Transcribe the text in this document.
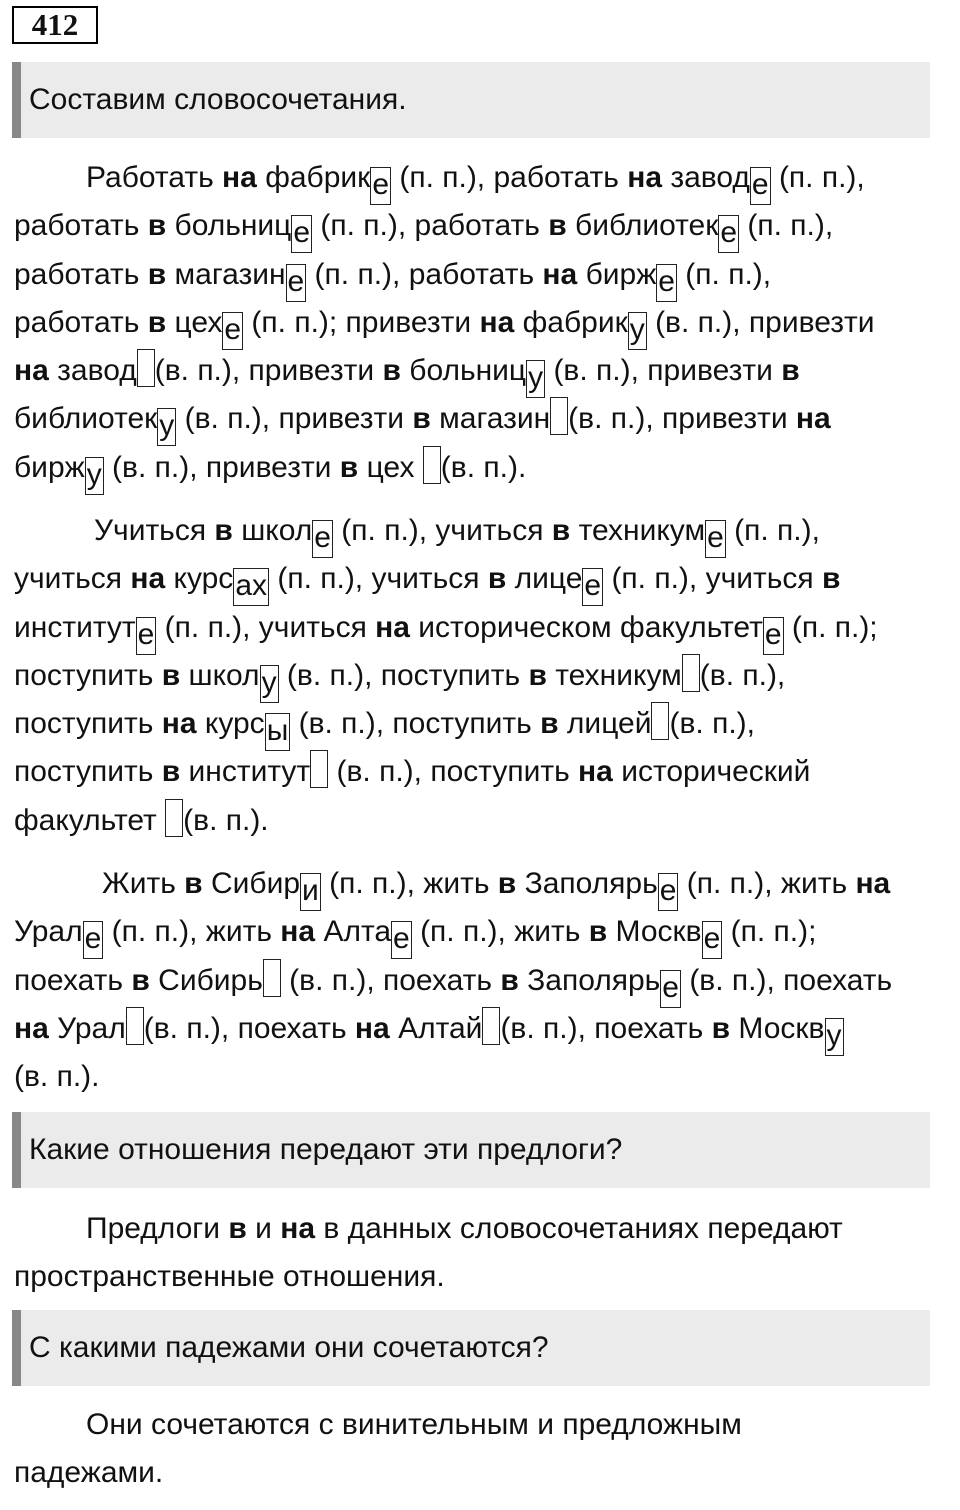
412
Составим словосочетания.
Работать на фабрике (п. п.), работать на заводе (п. п.),
работать в больнице (п. п.), работать в библиотеке (п. п.),
работать в магазине (п. п.), работать на бирже (п. п.),
работать в цехе (п. п.); привезти на фабрику (в. п.), привезти
на завод (в. п.), привезти в больницу (в. п.), привезти в
библиотеку (в. п.), привезти в магазин (в. п.), привезти на
биржу (в. п.), привезти в цех (в. п.).
Учиться в школе (п. п.), учиться в техникуме (п. п.),
учиться на курсах (п. п.), учиться в лицее (п. п.), учиться в
институте (п. п.), учиться на историческом факультете (п. п.);
поступить в школу (в. п.), поступить в техникум (в. п.),
поступить на курсы (в. п.), поступить в лицей (в. п.),
поступить в институт (в. п.), поступить на исторический
факультет (в. п.).
Жить в Сибири (п. п.), жить в Заполярье (п. п.), жить на
Урале (п. п.), жить на Алтае (п. п.), жить в Москве (п. п.);
поехать в Сибирь (в. п.), поехать в Заполярье (в. п.), поехать
на Урал (в. п.), поехать на Алтай (в. п.), поехать в Москву
(в. п.).
Какие отношения передают эти предлоги?
Предлоги в и на в данных словосочетаниях передают
пространственные отношения.
С какими падежами они сочетаются?
Они сочетаются с винительным и предложным
падежами.
